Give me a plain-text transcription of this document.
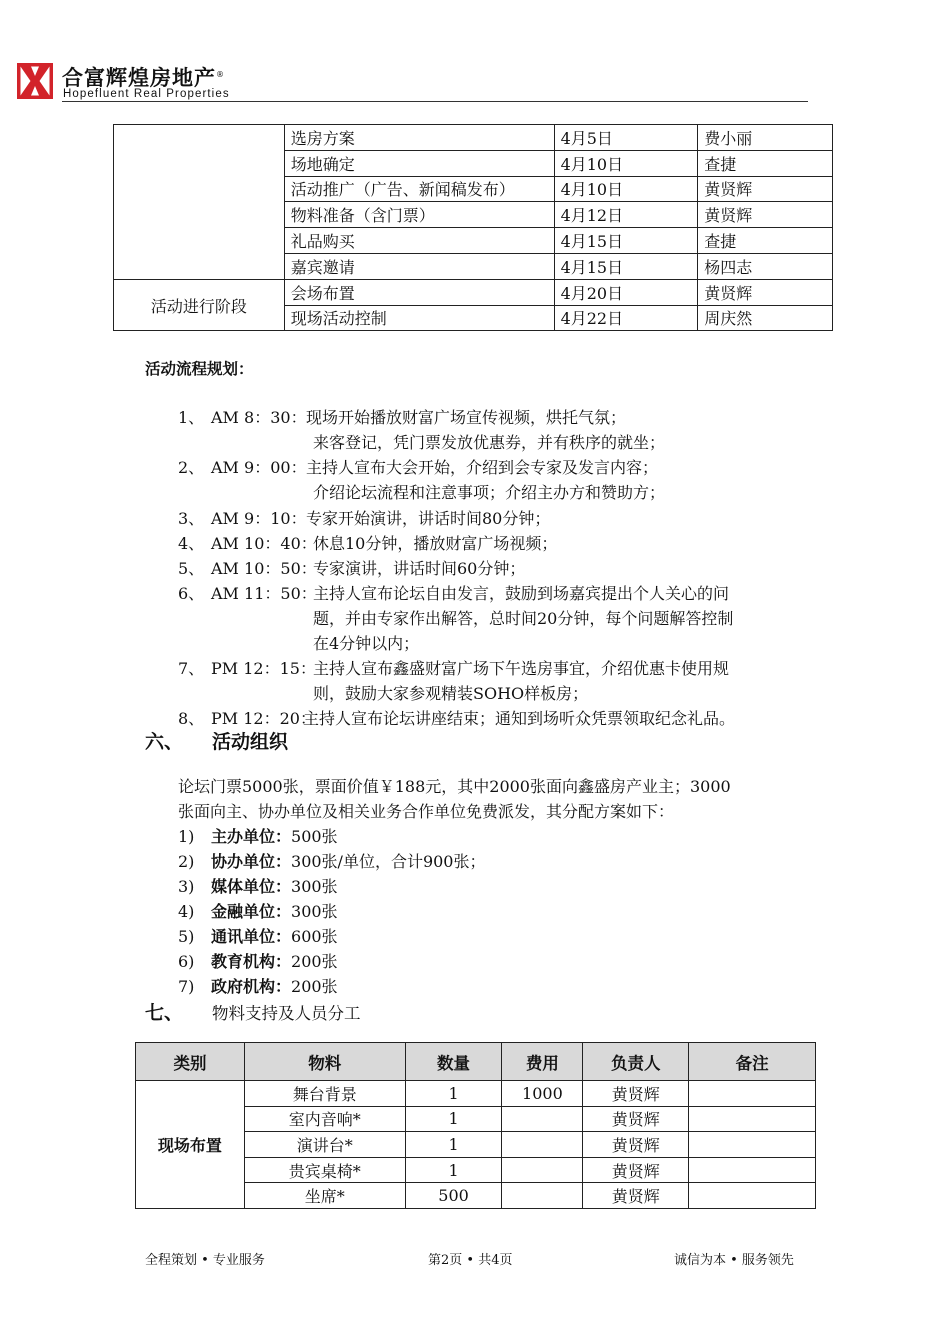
合富辉煌房地产®
Hopefluent Real Properties
	选房方案	4月5日	费小丽
	场地确定	4月10日	查捷
	活动推广（广告、新闻稿发布）	4月10日	黄贤辉
	物料准备（含门票）	4月12日	黄贤辉
	礼品购买	4月15日	查捷
	嘉宾邀请	4月15日	杨四志
活动进行阶段	会场布置	4月20日	黄贤辉
	现场活动控制	4月22日	周庆然
活动流程规划：
1、 AM 8：30： 现场开始播放财富广场宣传视频，烘托气氛；
来客登记，凭门票发放优惠券，并有秩序的就坐；
2、 AM 9：00： 主持人宣布大会开始，介绍到会专家及发言内容；
介绍论坛流程和注意事项；介绍主办方和赞助方；
3、 AM 9：10： 专家开始演讲，讲话时间80分钟；
4、 AM 10：40：
休息10分钟，播放财富广场视频；
5、 AM 10：50：
专家演讲，讲话时间60分钟；
6、 AM 11：50：
主持人宣布论坛自由发言，鼓励到场嘉宾提出个人关心的问
题，并由专家作出解答，总时间20分钟，每个问题解答控制
在4分钟以内；
7、 PM 12：15：
主持人宣布鑫盛财富广场下午选房事宜，介绍优惠卡使用规
则，鼓励大家参观精装SOHO样板房；
8、 PM 12：20：
主持人宣布论坛讲座结束；通知到场听众凭票领取纪念礼品。
六、 活动组织
论坛门票5000张，票面价值￥188元，其中2000张面向鑫盛房产业主；3000
张面向主、协办单位及相关业务合作单位免费派发，其分配方案如下：
1) 主办单位：500张
2) 协办单位：300张/单位，合计900张；
3) 媒体单位：300张
4) 金融单位：300张
5) 通讯单位：600张
6) 教育机构：200张
7) 政府机构：200张
七、 物料支持及人员分工
类别	物料	数量	费用	负责人	备注
现场布置	舞台背景	1	1000	黄贤辉	
	室内音响*	1		黄贤辉	
	演讲台*	1		黄贤辉	
	贵宾桌椅*	1		黄贤辉	
	坐席*	500		黄贤辉	
全程策划 • 专业服务	第2页 • 共4页	诚信为本 • 服务领先
